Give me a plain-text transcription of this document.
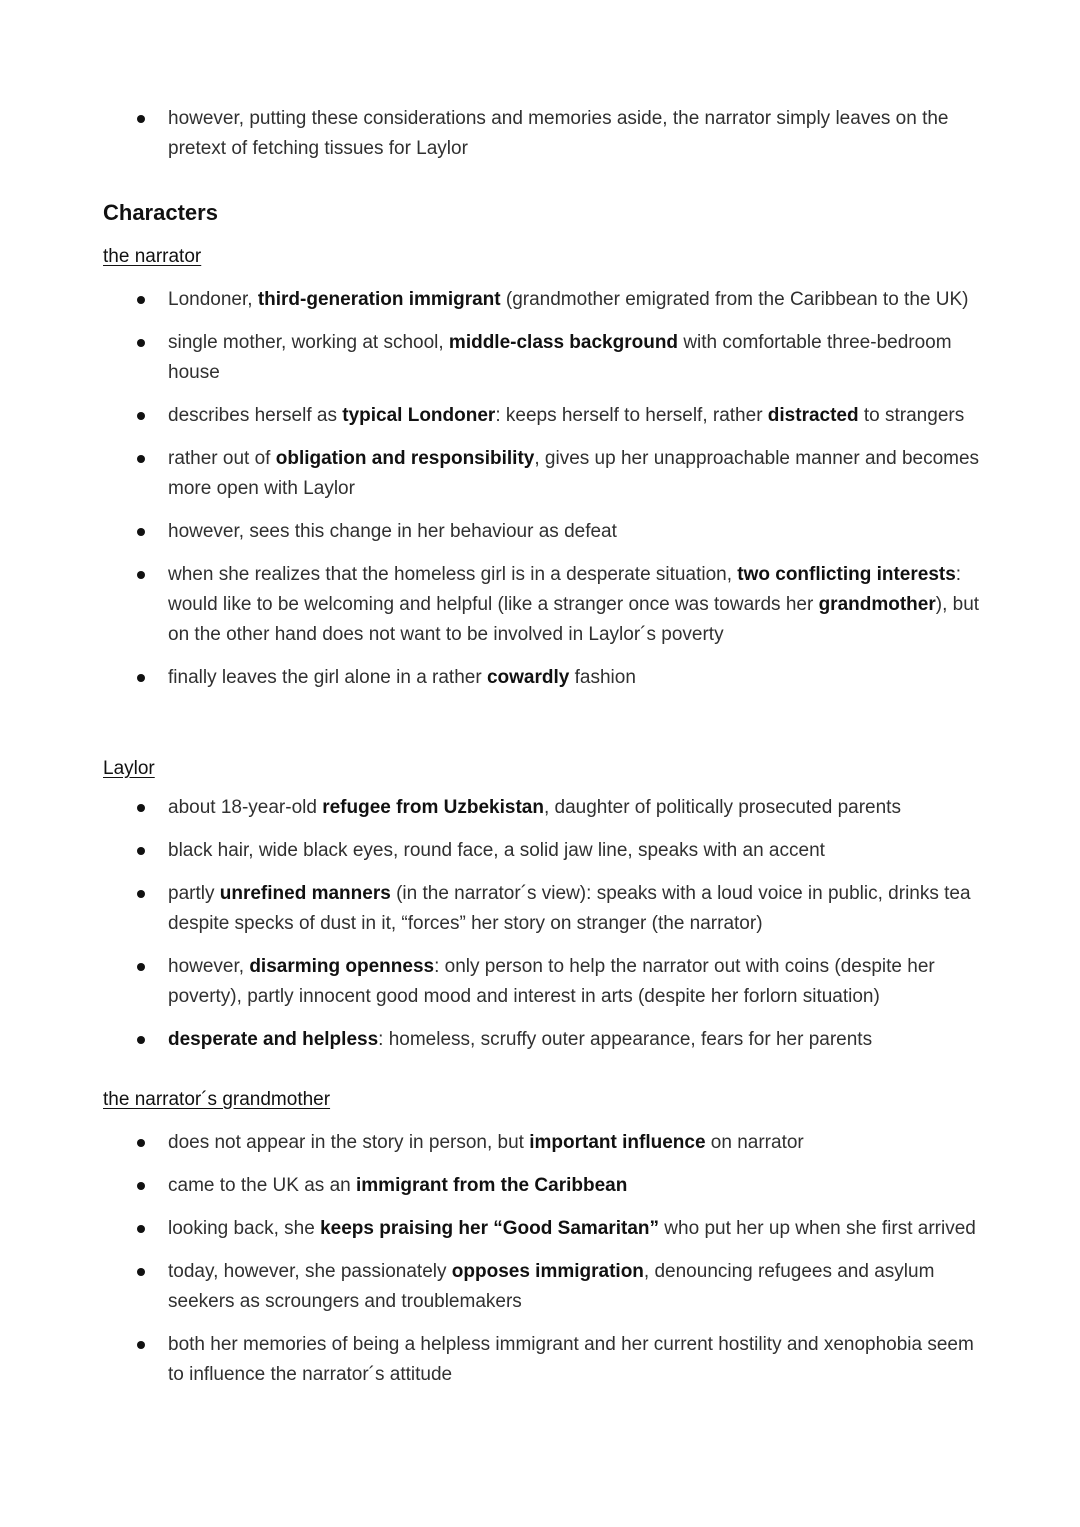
however, putting these considerations and memories aside, the narrator simply leaves on the pretext of fetching tissues for Laylor
Characters
the narrator
Londoner, third-generation immigrant (grandmother emigrated from the Caribbean to the UK)
single mother, working at school, middle-class background with comfortable three-bedroom house
describes herself as typical Londoner: keeps herself to herself, rather distracted to strangers
rather out of obligation and responsibility, gives up her unapproachable manner and becomes more open with Laylor
however, sees this change in her behaviour as defeat
when she realizes that the homeless girl is in a desperate situation, two conflicting interests: would like to be welcoming and helpful (like a stranger once was towards her grandmother), but on the other hand does not want to be involved in Laylor´s poverty
finally leaves the girl alone in a rather cowardly fashion
Laylor
about 18-year-old refugee from Uzbekistan, daughter of politically prosecuted parents
black hair, wide black eyes, round face, a solid jaw line, speaks with an accent
partly unrefined manners (in the narrator´s view): speaks with a loud voice in public, drinks tea despite specks of dust in it, “forces” her story on stranger (the narrator)
however, disarming openness: only person to help the narrator out with coins (despite her poverty), partly innocent good mood and interest in arts (despite her forlorn situation)
desperate and helpless: homeless, scruffy outer appearance, fears for her parents
the narrator´s grandmother
does not appear in the story in person, but important influence on narrator
came to the UK as an immigrant from the Caribbean
looking back, she keeps praising her “Good Samaritan” who put her up when she first arrived
today, however, she passionately opposes immigration, denouncing refugees and asylum seekers as scroungers and troublemakers
both her memories of being a helpless immigrant and her current hostility and xenophobia seem to influence the narrator´s attitude
